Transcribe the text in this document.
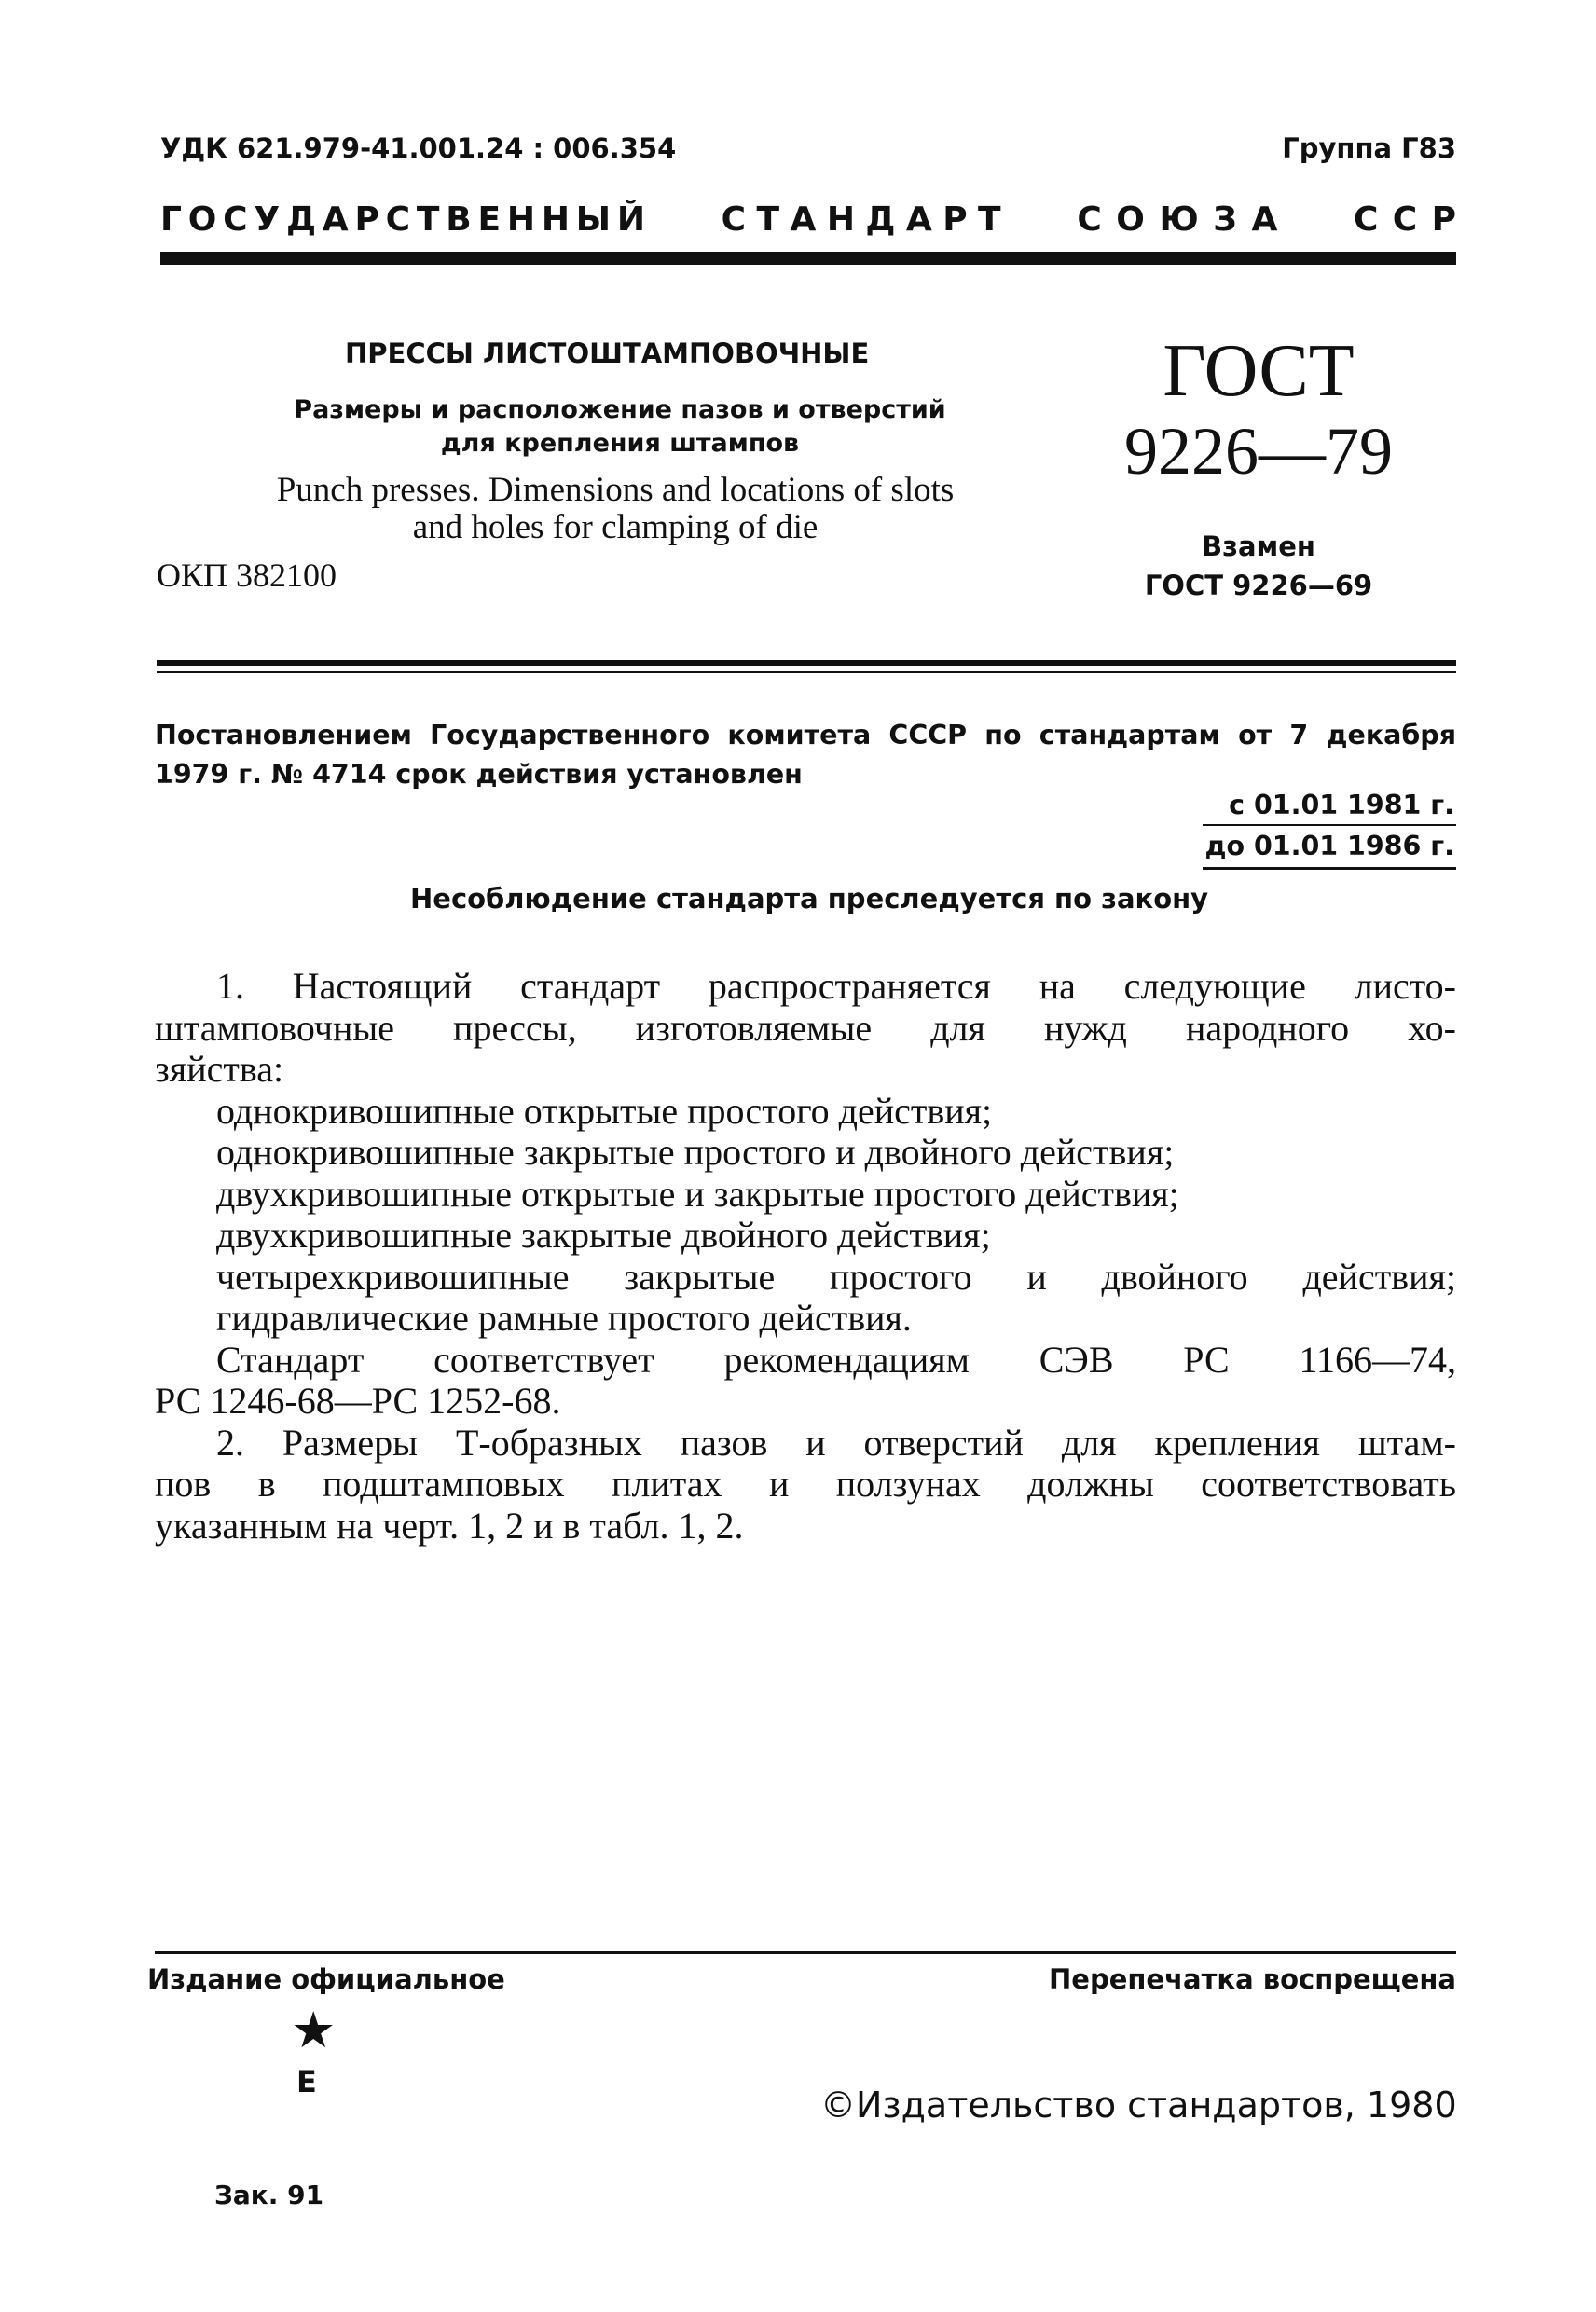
УДК 621.979-41.001.24 : 006.354	Группа Г83
Г О С У Д А Р С Т В Е Н Н Ы Й С Т А Н Д А Р Т С О Ю З А С С Р
ПРЕССЫ ЛИСТОШТАМПОВОЧНЫЕ
Размеры и расположение пазов и отверстий
для крепления штампов
Punch presses. Dimensions and locations of slots
and holes for clamping of die
ОКП 382100
ГОСТ
9226—79
Взамен
ГОСТ 9226—69
Постановлением Государственного комитета СССР по стандартам от 7 декабря
1979 г. № 4714 срок действия установлен
с 01.01 1981 г.
до 01.01 1986 г.
Несоблюдение стандарта преследуется по закону

1. Настоящий стандарт распространяется на следующие листо-

штамповочные прессы, изготовляемые для нужд народного хо-

зяйства:

однокривошипные открытые простого действия;

однокривошипные закрытые простого и двойного действия;

двухкривошипные открытые и закрытые простого действия;

двухкривошипные закрытые двойного действия;

четырехкривошипные закрытые простого и двойного действия;

гидравлические рамные простого действия.

Стандарт соответствует рекомендациям СЭВ РС 1166—74,

РС 1246-68—РС 1252-68.

2. Размеры Т-образных пазов и отверстий для крепления штам-

пов в подштамповых плитах и ползунах должны соответствовать

указанным на черт. 1, 2 и в табл. 1, 2.

Издание официальное	Перепечатка воспрещена
★
Е
©Издательство стандартов, 1980
Зак. 91
